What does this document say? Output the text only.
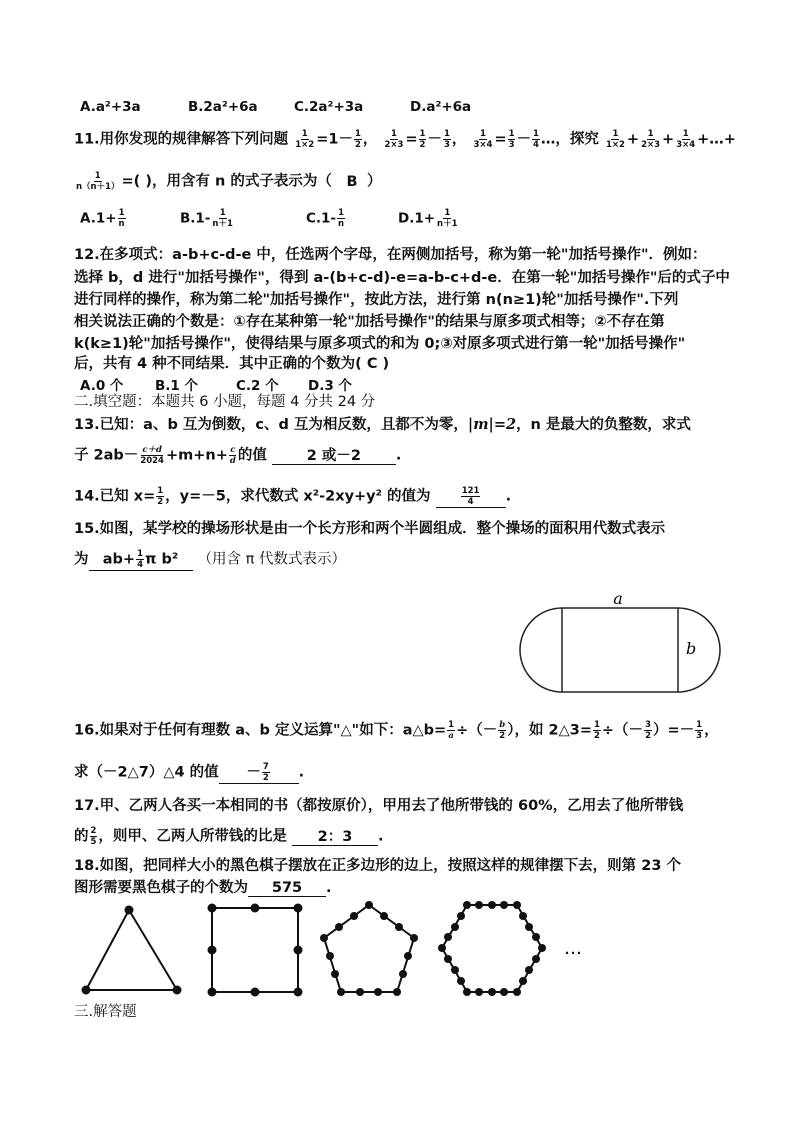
A.a²+3a	B.2a²+6a	C.2a²+3a	D.a²+6a
11.用你发现的规律解答下列问题 $\frac{1}{1\times 2} =1- \frac{1}{2}$ ， $\frac{1}{2\times 3} = \frac{1}{2} - \frac{1}{3}$ ， $\frac{1}{3\times 4} = \frac{1}{3} - \frac{1}{4}$ …，探究 $\frac{1}{1\times 2} + \frac{1}{2\times 3} + \frac{1}{3\times 4}$ +…+
$\frac{1}{n(n+1)}$ =( )，用含有 n 的式子表示为（ B ）
$A.1+ \frac{1}{n}$	$B.1- \frac{1}{n+1}$	$C.1- \frac{1}{n}$	$D.1+ \frac{1}{n+1}$
12.在多项式：a-b+c-d-e 中，任选两个字母，在两侧加括号，称为第一轮"加括号操作"．例如：
选择 b，d 进行"加括号操作"，得到 a-(b+c-d)-e=a-b-c+d-e．在第一轮"加括号操作"后的式子中
进行同样的操作，称为第二轮"加括号操作"，按此方法，进行第 n(n≥1)轮"加括号操作".下列
相关说法正确的个数是：①存在某种第一轮"加括号操作"的结果与原多项式相等；②不存在第
k(k≥1)轮"加括号操作"，使得结果与原多项式的和为 0;③对原多项式进行第一轮"加括号操作"
后，共有 4 种不同结果．其中正确的个数为( C )
A.0 个 B.1 个	C.2 个 D.3 个
二.填空题：本题共 6 小题，每题 4 分共 24 分
13.已知：a、b 互为倒数，c、d 互为相反数，且都不为零，|m|=2，n 是最大的负整数，求式
子 $2ab- \frac{c+d}{2024} +m+n+ \frac{c}{d}$ 的值	2 或－2 .
14.已知 $x= \frac{1}{2}$ ，y=－5，求代数式 x²-2xy+y² 的值为	$\frac{121}{4}$ .
15.如图，某学校的操场形状是由一个长方形和两个半圆组成．整个操场的面积用代数式表示
为 $ab+ \frac{1}{4}$ π b² （用含 π 代数式表示）
a
b
16.如果对于任何有理数 a、b 定义运算"△"如下：a△b= $\frac{1}{a}$ ÷（－ $\frac{b}{2}$ ），如 2△3= $\frac{1}{2}$ ÷（－ $\frac{3}{2}$ ）=－ $\frac{1}{3}$ ，
求（－2△7）△4 的值 － $\frac{7}{2}$ .
17.甲、乙两人各买一本相同的书（都按原价），甲用去了他所带钱的 60%，乙用去了他所带钱
的 $\frac{2}{5}$ ，则甲、乙两人所带钱的比是 2：3 .
18.如图，把同样大小的黑色棋子摆放在正多边形的边上，按照这样的规律摆下去，则第 23 个
图形需要黑色棋子的个数为 575 .
…
三.解答题
